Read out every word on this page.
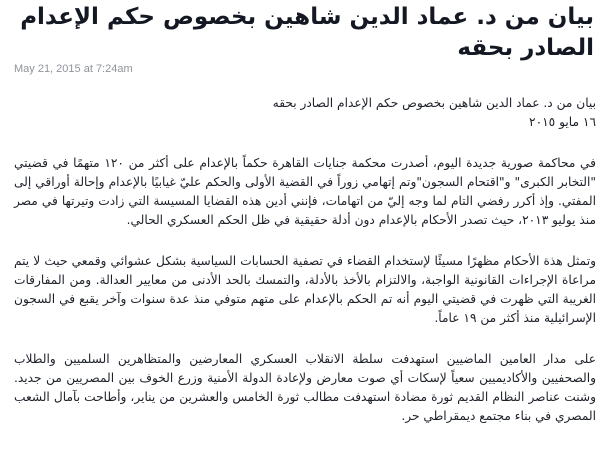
بيان من د. عماد الدين شاهين بخصوص حكم الإعدام الصادر بحقه
May 21, 2015 at 7:24am

بيان من د. عماد الدين شاهين بخصوص حكم الإعدام الصادر بحقه

١٦ مايو ٢٠١٥

في محاكمة صورية جديدة اليوم، أصدرت محكمة جنايات القاهرة حكماً بالإعدام على أكثر من ١٢٠ متهمًا في قضيتي "التخابر الكبرى" و"اقتحام السجون"وتم إتهامي زوراً في القضية الأولى والحكم عليّ غيابيًا بالإعدام وإحالة أوراقي إلى المفتي. وإذ أكرر رفضي التام لما وجه إليّ من اتهامات، فإنني أدين هذه القضايا المسيسة التي زادت وتيرتها في مصر منذ يوليو ٢٠١٣، حيث تصدر الأحكام بالإعدام دون أدلة حقيقية في ظل الحكم العسكري الحالي.

وتمثل هذة الأحكام مظهرًا مسيئًا لإستخدام القضاء في تصفية الحسابات السياسية بشكل عشوائي وقمعي حيث لا يتم مراعاة الإجراءات القانونية الواجبة، والالتزام بالأخذ بالأدلة، والتمسك بالحد الأدنى من معايير العدالة. ومن المفارقات الغريبة التي ظهرت في قضيتي اليوم أنه تم الحكم بالإعدام على متهم متوفي منذ عدة سنوات وآخر يقبع في السجون الإسرائيلية منذ أكثر من ١٩ عاماً.

على مدار العامين الماضيين استهدفت سلطة الانقلاب العسكري المعارضين والمتظاهرين السلميين والطلاب والصحفيين والأكاديميين سعياً لإسكات أي صوت معارض ولإعادة الدولة الأمنية وزرع الخوف بين المصريين من جديد. وشنت عناصر النظام القديم ثورة مضادة استهدفت مطالب ثورة الخامس والعشرين من يناير، وأطاحت بآمال الشعب المصري في بناء مجتمع ديمقراطي حر.
